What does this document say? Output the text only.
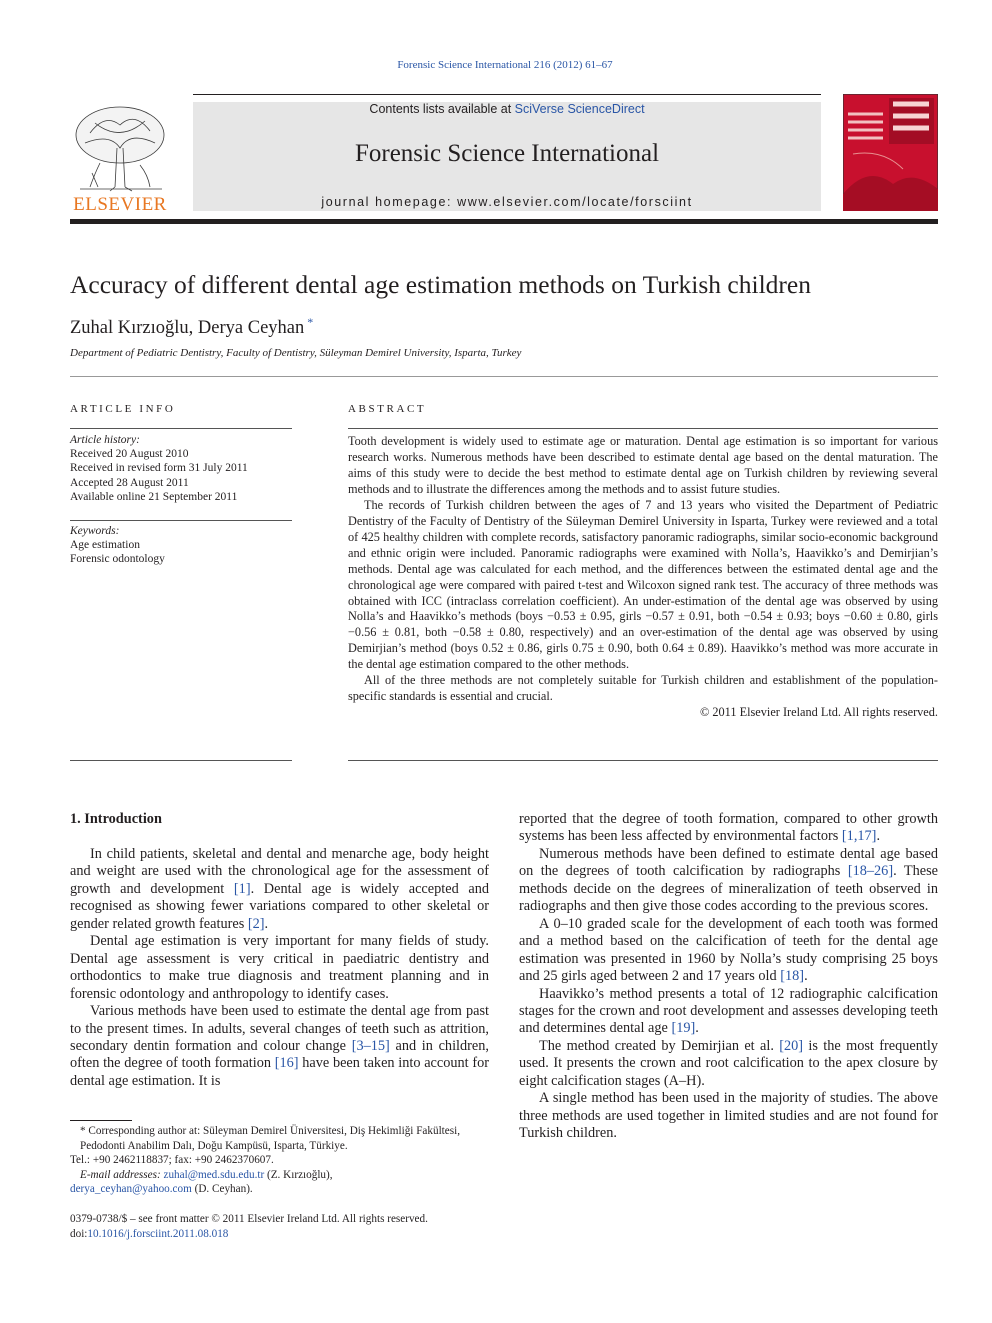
Forensic Science International 216 (2012) 61–67
ELSEVIER
Contents lists available at SciVerse ScienceDirect
Forensic Science International
journal homepage: www.elsevier.com/locate/forsciint
Accuracy of different dental age estimation methods on Turkish children
Zuhal Kırzıoğlu, Derya Ceyhan *
Department of Pediatric Dentistry, Faculty of Dentistry, Süleyman Demirel University, Isparta, Turkey
ARTICLE INFO
Article history:
Received 20 August 2010
Received in revised form 31 July 2011
Accepted 28 August 2011
Available online 21 September 2011
Keywords:
Age estimation
Forensic odontology
ABSTRACT

Tooth development is widely used to estimate age or maturation. Dental age estimation is so important for various research works. Numerous methods have been described to estimate dental age based on the dental maturation. The aims of this study were to decide the best method to estimate dental age on Turkish children by reviewing several methods and to illustrate the differences among the methods and to assist future studies.

The records of Turkish children between the ages of 7 and 13 years who visited the Department of Pediatric Dentistry of the Faculty of Dentistry of the Süleyman Demirel University in Isparta, Turkey were reviewed and a total of 425 healthy children with complete records, satisfactory panoramic radiographs, similar socio-economic background and ethnic origin were included. Panoramic radiographs were examined with Nolla’s, Haavikko’s and Demirjian’s methods. Dental age was calculated for each method, and the differences between the estimated dental age and the chronological age were compared with paired t-test and Wilcoxon signed rank test. The accuracy of three methods was obtained with ICC (intraclass correlation coefficient). An under-estimation of the dental age was observed by using Nolla’s and Haavikko’s methods (boys −0.53 ± 0.95, girls −0.57 ± 0.91, both −0.54 ± 0.93; boys −0.60 ± 0.80, girls −0.56 ± 0.81, both −0.58 ± 0.80, respectively) and an over-estimation of the dental age was observed by using Demirjian’s method (boys 0.52 ± 0.86, girls 0.75 ± 0.90, both 0.64 ± 0.89). Haavikko’s method was more accurate in the dental age estimation compared to the other methods.

All of the three methods are not completely suitable for Turkish children and establishment of the population-specific standards is essential and crucial.

© 2011 Elsevier Ireland Ltd. All rights reserved.

1. Introduction

In child patients, skeletal and dental and menarche age, body height and weight are used with the chronological age for the assessment of growth and development [1]. Dental age is widely accepted and recognised as showing fewer variations compared to other skeletal or gender related growth features [2].

Dental age estimation is very important for many fields of study. Dental age assessment is very critical in paediatric dentistry and orthodontics to make true diagnosis and treatment planning and in forensic odontology and anthropology to identify cases.

Various methods have been used to estimate the dental age from past to the present times. In adults, several changes of teeth such as attrition, secondary dentin formation and colour change [3–15] and in children, often the degree of tooth formation [16] have been taken into account for dental age estimation. It is

reported that the degree of tooth formation, compared to other growth systems has been less affected by environmental factors [1,17].

Numerous methods have been defined to estimate dental age based on the degrees of tooth calcification by radiographs [18–26]. These methods decide on the degrees of mineralization of teeth observed in radiographs and then give those codes according to the previous scores.

A 0–10 graded scale for the development of each tooth was formed and a method based on the calcification of teeth for the dental age estimation was presented in 1960 by Nolla’s study comprising 25 boys and 25 girls aged between 2 and 17 years old [18].

Haavikko’s method presents a total of 12 radiographic calcification stages for the crown and root development and assesses developing teeth and determines dental age [19].

The method created by Demirjian et al. [20] is the most frequently used. It presents the crown and root calcification to the apex closure by eight calcification stages (A–H).

A single method has been used in the majority of studies. The above three methods are used together in limited studies and are not found for Turkish children.

* Corresponding author at: Süleyman Demirel Üniversitesi, Diş Hekimliği Fakültesi, Pedodonti Anabilim Dalı, Doğu Kampüsü, Isparta, Türkiye.
Tel.: +90 2462118837; fax: +90 2462370607.
E-mail addresses: zuhal@med.sdu.edu.tr (Z. Kırzıoğlu),
derya_ceyhan@yahoo.com (D. Ceyhan).
0379-0738/$ – see front matter © 2011 Elsevier Ireland Ltd. All rights reserved.
doi:10.1016/j.forsciint.2011.08.018
